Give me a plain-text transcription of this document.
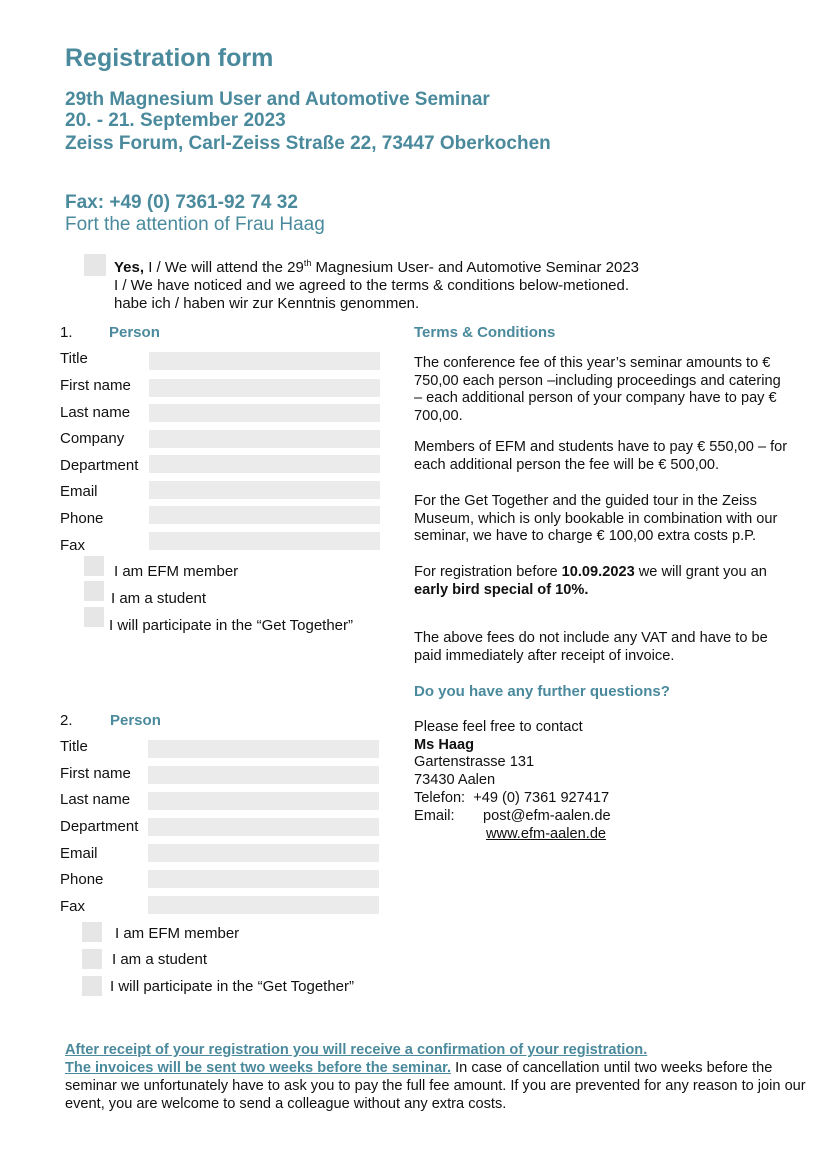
Registration form
29th Magnesium User and Automotive Seminar
20. - 21. September 2023
Zeiss Forum, Carl-Zeiss Straße 22, 73447 Oberkochen
Fax: +49 (0) 7361-92 74 32
Fort the attention of Frau Haag
Yes, I / We will attend the 29th Magnesium User- and Automotive Seminar 2023
I / We have noticed and we agreed to the terms & conditions below-metioned.
habe ich / haben wir zur Kenntnis genommen.
1. Person
Title
First name
Last name
Company
Department
Email
Phone
Fax
I am EFM member
I am a student
I will participate in the “Get Together”
2. Person
Title
First name
Last name
Department
Email
Phone
Fax
I am EFM member
I am a student
I will participate in the “Get Together”
Terms & Conditions
The conference fee of this year’s seminar amounts to € 750,00 each person –including proceedings and catering – each additional person of your company have to pay € 700,00.
Members of EFM and students have to pay € 550,00 – for each additional person the fee will be € 500,00.
For the Get Together and the guided tour in the Zeiss Museum, which is only bookable in combination with our seminar, we have to charge € 100,00 extra costs p.P.
For registration before 10.09.2023 we will grant you an early bird special of 10%.
The above fees do not include any VAT and have to be paid immediately after receipt of invoice.
Do you have any further questions?
Please feel free to contact
Ms Haag
Gartenstrasse 131
73430 Aalen
Telefon:  +49 (0) 7361 927417
Email:	post@efm-aalen.de
www.efm-aalen.de
After receipt of your registration you will receive a confirmation of your registration.
The invoices will be sent two weeks before the seminar. In case of cancellation until two weeks before the seminar we unfortunately have to ask you to pay the full fee amount. If you are prevented for any reason to join our event, you are welcome to send a colleague without any extra costs.
